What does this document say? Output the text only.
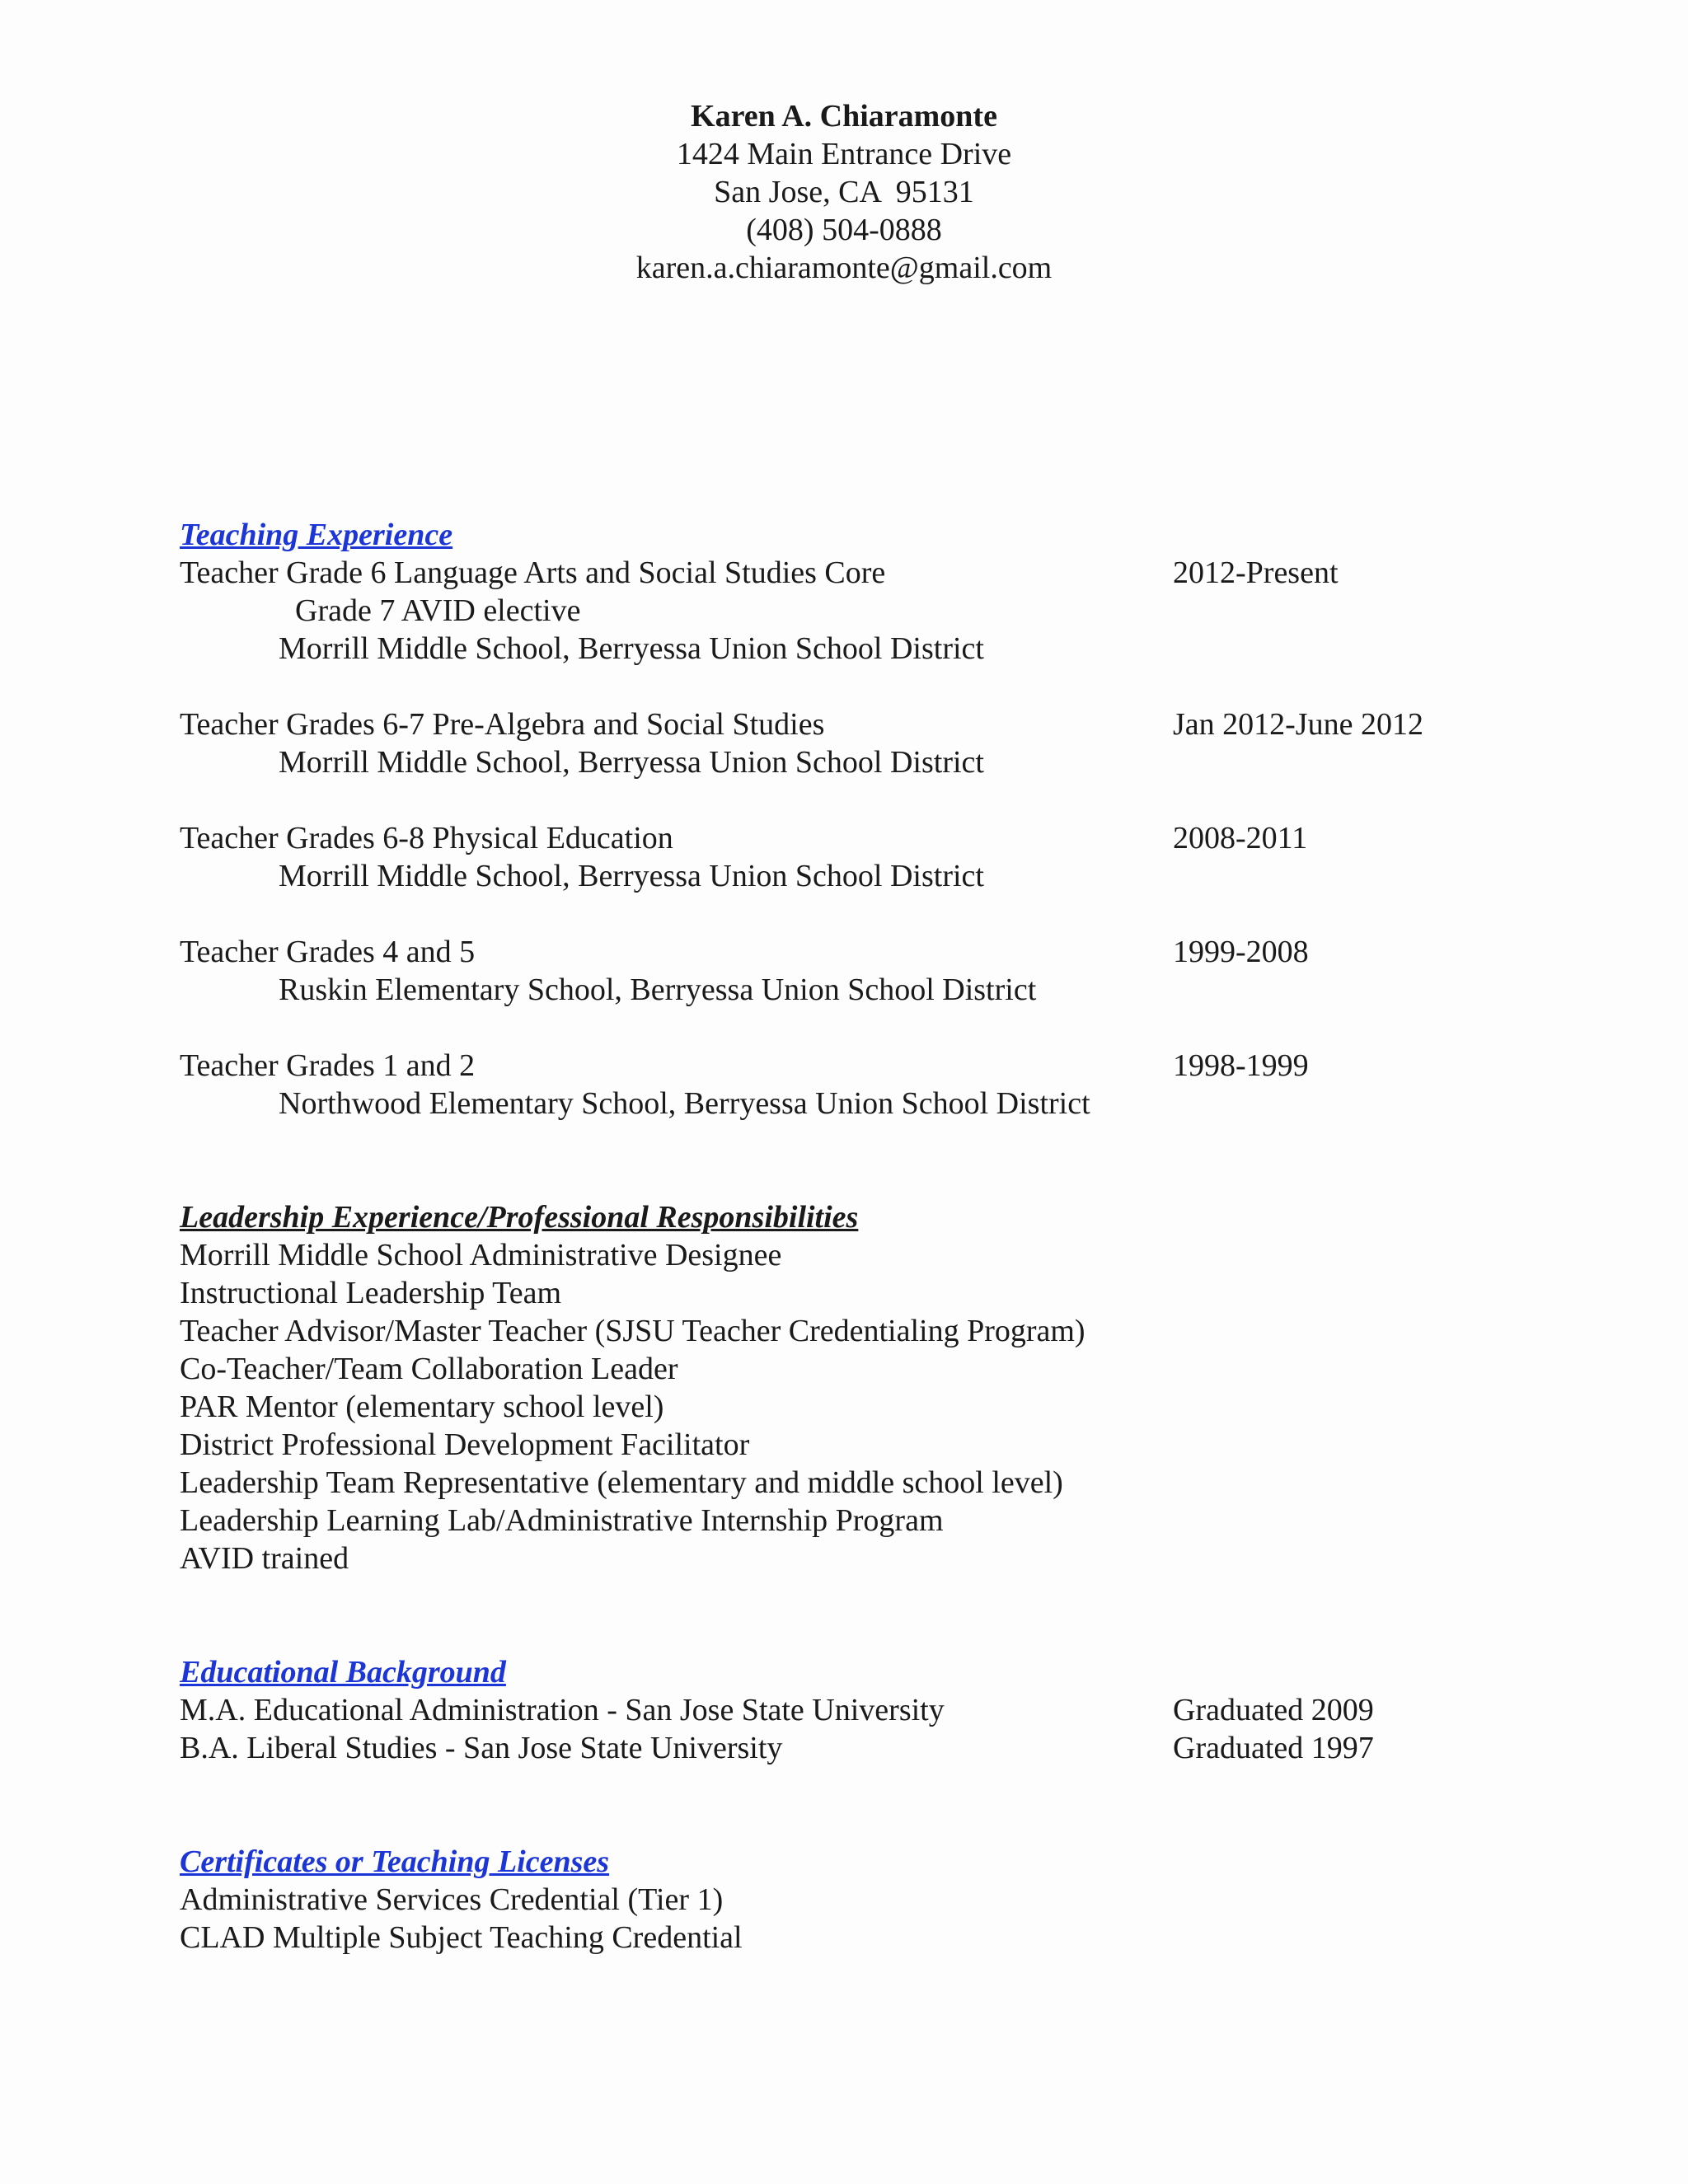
Karen A. Chiaramonte
1424 Main Entrance Drive
San Jose, CA  95131
(408) 504-0888
karen.a.chiaramonte@gmail.com
Teaching Experience
Teacher Grade 6 Language Arts and Social Studies Core	2012-Present
Grade 7 AVID elective
Morrill Middle School, Berryessa Union School District
Teacher Grades 6-7 Pre-Algebra and Social Studies	Jan 2012-June 2012
Morrill Middle School, Berryessa Union School District
Teacher Grades 6-8 Physical Education	2008-2011
Morrill Middle School, Berryessa Union School District
Teacher Grades 4 and 5	1999-2008
Ruskin Elementary School, Berryessa Union School District
Teacher Grades 1 and 2	1998-1999
Northwood Elementary School, Berryessa Union School District
Leadership Experience/Professional Responsibilities
Morrill Middle School Administrative Designee
Instructional Leadership Team
Teacher Advisor/Master Teacher (SJSU Teacher Credentialing Program)
Co-Teacher/Team Collaboration Leader
PAR Mentor (elementary school level)
District Professional Development Facilitator
Leadership Team Representative (elementary and middle school level)
Leadership Learning Lab/Administrative Internship Program
AVID trained
Educational Background
M.A. Educational Administration - San Jose State University	Graduated 2009
B.A. Liberal Studies - San Jose State University	Graduated 1997
Certificates or Teaching Licenses
Administrative Services Credential (Tier 1)
CLAD Multiple Subject Teaching Credential
